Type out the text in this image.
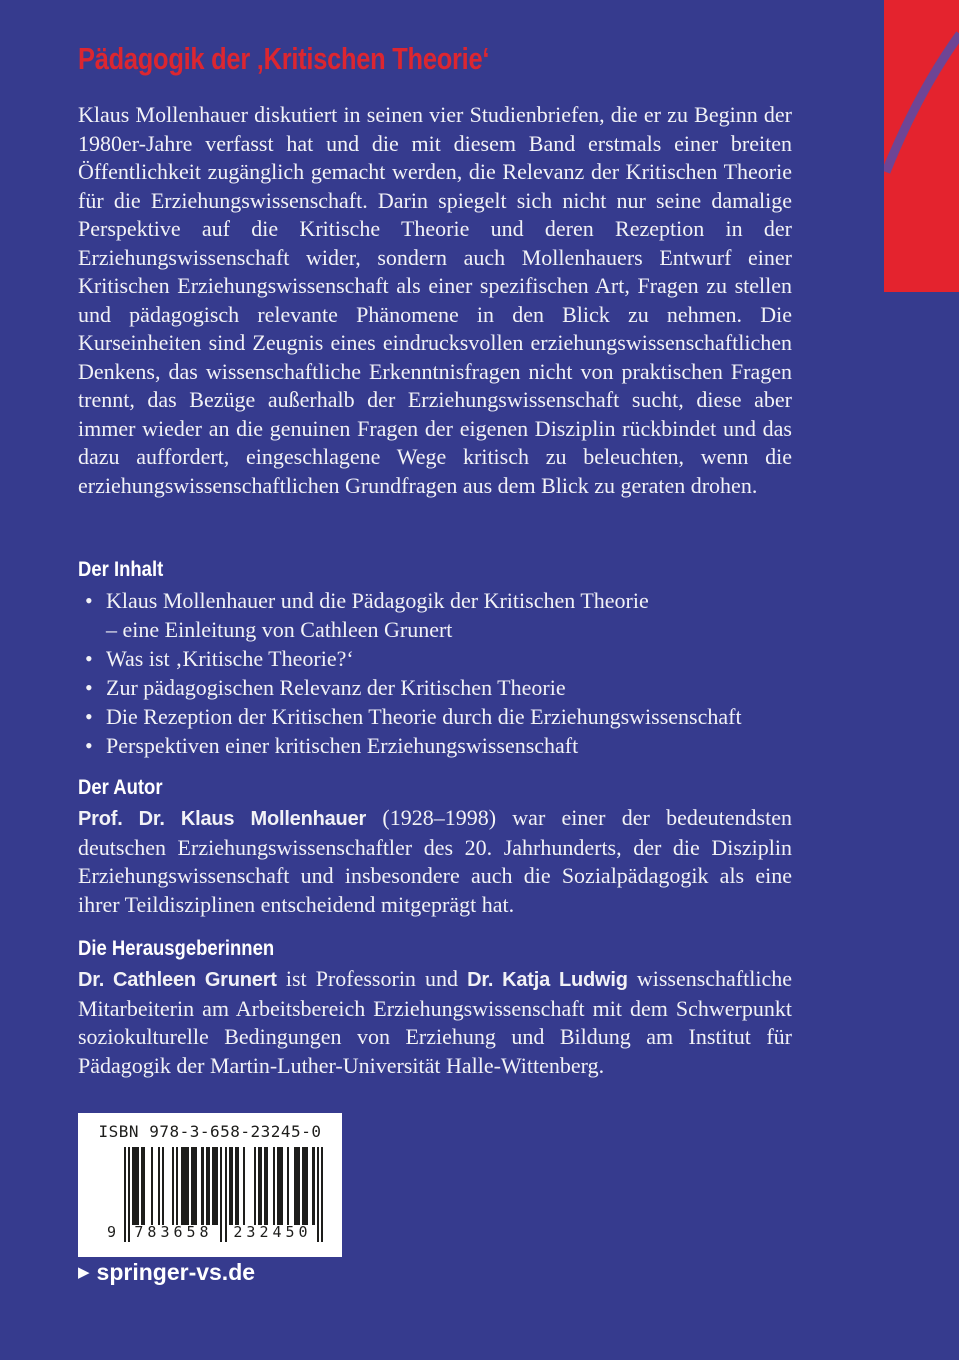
Pädagogik der ‚Kritischen Theorie‘
Klaus Mollenhauer diskutiert in seinen vier Studienbriefen, die er zu Beginn der 1980er-Jahre verfasst hat und die mit diesem Band erstmals einer breiten Öffentlichkeit zugänglich gemacht werden, die Relevanz der Kritischen Theorie für die Erziehungswissenschaft. Darin spiegelt sich nicht nur seine damalige Perspektive auf die Kritische Theorie und deren Rezeption in der Erziehungswissenschaft wider, sondern auch Mollenhauers Entwurf einer Kritischen Erziehungswissenschaft als einer spezifischen Art, Fragen zu stellen und pädagogisch relevante Phänomene in den Blick zu nehmen. Die Kurseinheiten sind Zeugnis eines eindrucksvollen erziehungswissenschaftlichen Denkens, das wissenschaftliche Erkenntnisfragen nicht von praktischen Fragen trennt, das Bezüge außerhalb der Erziehungswissenschaft sucht, diese aber immer wieder an die genuinen Fragen der eigenen Disziplin rückbindet und das dazu auffordert, eingeschlagene Wege kritisch zu beleuchten, wenn die erziehungswissenschaftlichen Grundfragen aus dem Blick zu geraten drohen.
Der Inhalt
• Klaus Mollenhauer und die Pädagogik der Kritischen Theorie – eine Einleitung von Cathleen Grunert
• Was ist ‚Kritische Theorie?‘
• Zur pädagogischen Relevanz der Kritischen Theorie
• Die Rezeption der Kritischen Theorie durch die Erziehungswissenschaft
• Perspektiven einer kritischen Erziehungswissenschaft
Der Autor
Prof. Dr. Klaus Mollenhauer (1928–1998) war einer der bedeutendsten deutschen Erziehungswissenschaftler des 20. Jahrhunderts, der die Disziplin Erziehungswissenschaft und insbesondere auch die Sozialpädagogik als eine ihrer Teildisziplinen entscheidend mitgeprägt hat.
Die Herausgeberinnen
Dr. Cathleen Grunert ist Professorin und Dr. Katja Ludwig wissenschaftliche Mitarbeiterin am Arbeitsbereich Erziehungswissenschaft mit dem Schwerpunkt soziokulturelle Bedingungen von Erziehung und Bildung am Institut für Pädagogik der Martin-Luther-Universität Halle-Wittenberg.
ISBN 978-3-658-23245-0
9 783658 232450
▶ springer-vs.de
